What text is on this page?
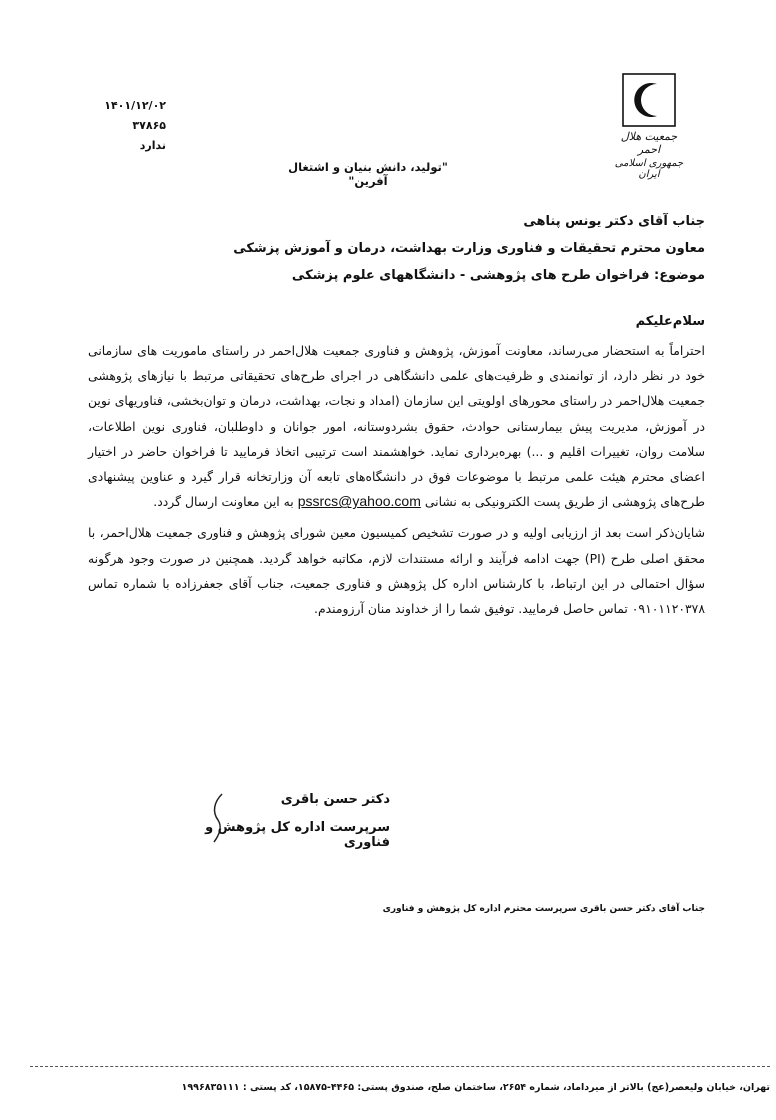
جمعیت هلال احمر
جمهوری اسلامی ایران
۱۴۰۱/۱۲/۰۲
۳۷۸۶۵
ندارد
"تولید، دانش بنیان و اشتغال آفرین"
جناب آقای دکتر یونس پناهی
معاون محترم تحقیقات و فناوری وزارت بهداشت، درمان و آموزش پزشکی
موضوع: فراخوان طرح های پژوهشی - دانشگاههای علوم پزشکی
سلام‌علیکم

احتراماً به استحضار می‌رساند، معاونت آموزش، پژوهش و فناوری جمعیت هلال‌احمر در راستای ماموریت های سازمانی خود در نظر دارد، از توانمندی و ظرفیت‌های علمی دانشگاهی در اجرای طرح‌های تحقیقاتی مرتبط با نیازهای پژوهشی جمعیت هلال‌احمر در راستای محورهای اولویتی این سازمان (امداد و نجات، بهداشت، درمان و توان‌بخشی، فناوریهای نوین در آموزش، مدیریت پیش بیمارستانی حوادث، حقوق بشردوستانه، امور جوانان و داوطلبان، فناوری نوین اطلاعات، سلامت روان، تغییرات اقلیم و ...) بهره‌برداری نماید. خواهشمند است ترتیبی اتخاذ فرمایید تا فراخوان حاضر در اختیار اعضای محترم هیئت علمی مرتبط با موضوعات فوق در دانشگاه‌های تابعه آن وزارتخانه قرار گیرد و عناوین پیشنهادی طرح‌های پژوهشی از طریق پست الکترونیکی به نشانی pssrcs@yahoo.com به این معاونت ارسال گردد.

شایان‌ذکر است بعد از ارزیابی اولیه و در صورت تشخیص کمیسیون معین شورای پژوهش و فناوری جمعیت هلال‌احمر، با محقق اصلی طرح (PI) جهت ادامه فرآیند و ارائه مستندات لازم، مکاتبه خواهد گردید. همچنین در صورت وجود هرگونه سؤال احتمالی در این ارتباط، با کارشناس اداره کل پژوهش و فناوری جمعیت، جناب آقای جعفرزاده با شماره تماس ۰۹۱۰۱۱۲۰۳۷۸ تماس حاصل فرمایید. توفیق شما را از خداوند منان آرزومندم.

دکتر حسن باقری
سرپرست اداره کل پژوهش و فناوری
جناب آقای دکتر حسن باقری سرپرست محترم اداره کل پژوهش و فناوری
تهران، خیابان ولیعصر(عج) بالاتر از میرداماد، شماره ۲۶۵۴، ساختمان صلح، صندوق پستی: ۴۴۶۵-۱۵۸۷۵، کد پستی : ۱۹۹۶۸۳۵۱۱۱
